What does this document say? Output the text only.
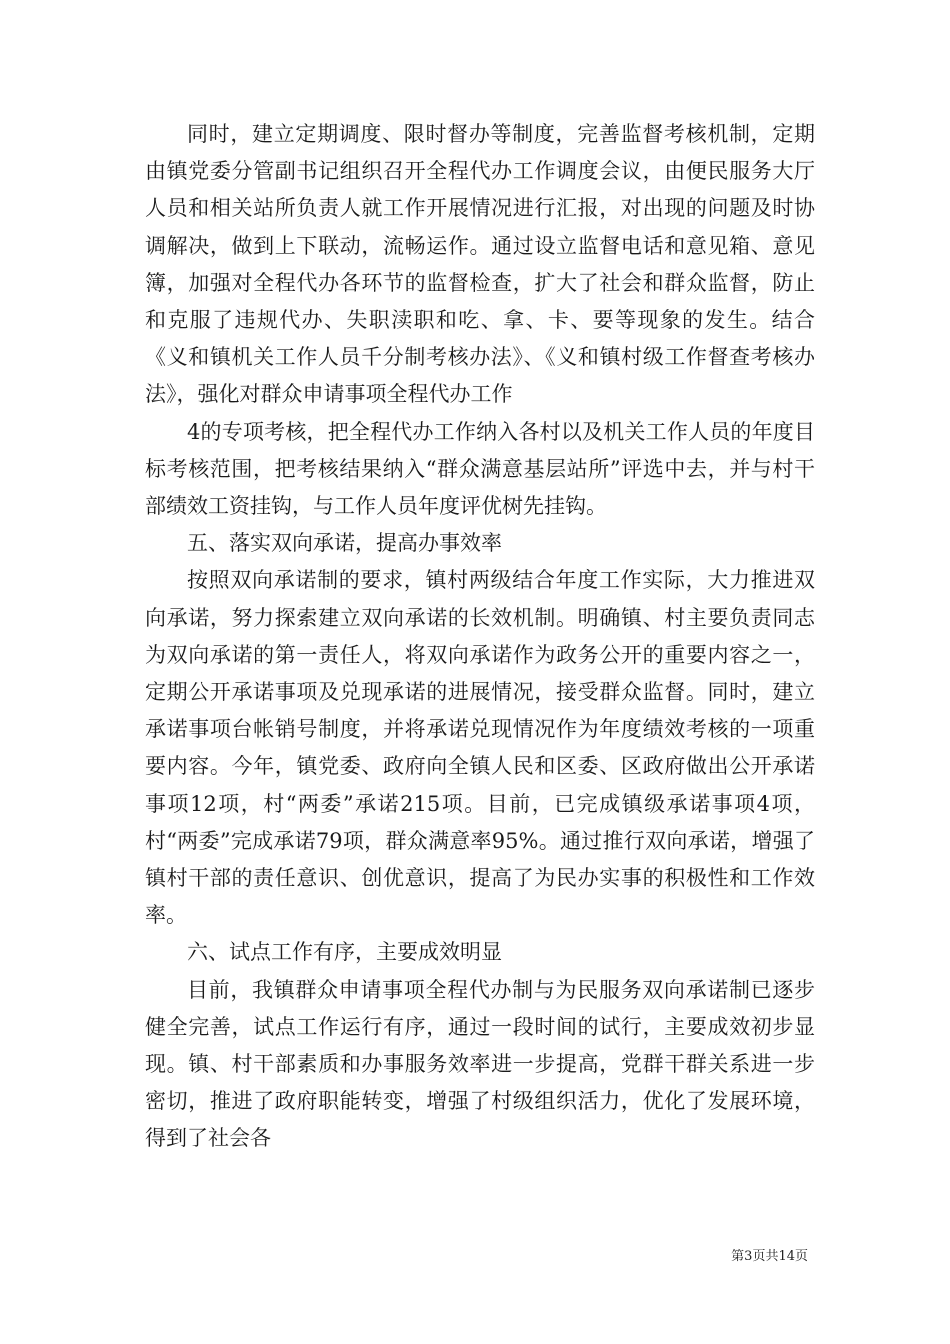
同时，建立定期调度、限时督办等制度，完善监督考核机制，定期由镇党委分管副书记组织召开全程代办工作调度会议，由便民服务大厅人员和相关站所负责人就工作开展情况进行汇报，对出现的问题及时协调解决，做到上下联动，流畅运作。通过设立监督电话和意见箱、意见簿，加强对全程代办各环节的监督检查，扩大了社会和群众监督，防止和克服了违规代办、失职渎职和吃、拿、卡、要等现象的发生。结合《义和镇机关工作人员千分制考核办法》、《义和镇村级工作督查考核办法》，强化对群众申请事项全程代办工作

4的专项考核，把全程代办工作纳入各村以及机关工作人员的年度目标考核范围，把考核结果纳入“群众满意基层站所”评选中去，并与村干部绩效工资挂钩，与工作人员年度评优树先挂钩。

五、落实双向承诺，提高办事效率

按照双向承诺制的要求，镇村两级结合年度工作实际，大力推进双向承诺，努力探索建立双向承诺的长效机制。明确镇、村主要负责同志为双向承诺的第一责任人，将双向承诺作为政务公开的重要内容之一，定期公开承诺事项及兑现承诺的进展情况，接受群众监督。同时，建立承诺事项台帐销号制度，并将承诺兑现情况作为年度绩效考核的一项重要内容。今年，镇党委、政府向全镇人民和区委、区政府做出公开承诺事项12项，村“两委”承诺215项。目前，已完成镇级承诺事项4项，村“两委”完成承诺79项，群众满意率95%。通过推行双向承诺，增强了镇村干部的责任意识、创优意识，提高了为民办实事的积极性和工作效率。

六、试点工作有序，主要成效明显

目前，我镇群众申请事项全程代办制与为民服务双向承诺制已逐步健全完善，试点工作运行有序，通过一段时间的试行，主要成效初步显现。镇、村干部素质和办事服务效率进一步提高，党群干群关系进一步密切，推进了政府职能转变，增强了村级组织活力，优化了发展环境，得到了社会各

第3页共14页
